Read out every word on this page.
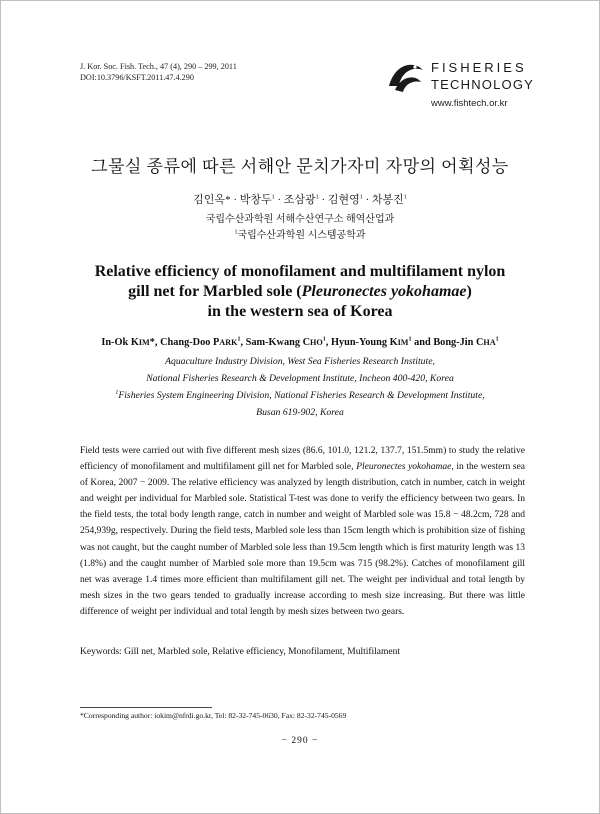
J. Kor. Soc. Fish. Tech., 47 (4), 290 – 299, 2011
DOI:10.3796/KSFT.2011.47.4.290
FISHERIES
TECHNOLOGY
www.fishtech.or.kr
그물실 종류에 따른 서해안 문치가자미 자망의 어획성능
김인옥* · 박창두$^1$ · 조삼광$^1$ · 김현영$^1$ · 차봉진$^1$
국립수산과학원 서해수산연구소 해역산업과
$^1$국립수산과학원 시스템공학과
Relative efficiency of monofilament and multifilament nylon
gill net for Marbled sole (Pleuronectes yokohamae)
in the western sea of Korea
In-Ok KIM*, Chang-Doo PARK$^1$, Sam-Kwang CHO$^1$, Hyun-Young KIM$^1$ and Bong-Jin CHA$^1$
Aquaculture Industry Division, West Sea Fisheries Research Institute,
National Fisheries Research & Development Institute, Incheon 400-420, Korea
$^1$Fisheries System Engineering Division, National Fisheries Research & Development Institute,
Busan 619-902, Korea
Field tests were carried out with five different mesh sizes (86.6, 101.0, 121.2, 137.7, 151.5mm) to study the relative efficiency of monofilament and multifilament gill net for Marbled sole, Pleuronectes yokohamae, in the western sea of Korea, 2007 − 2009. The relative efficiency was analyzed by length distribution, catch in number, catch in weight and weight per individual for Marbled sole. Statistical T-test was done to verify the efficiency between two gears. In the field tests, the total body length range, catch in number and weight of Marbled sole was 15.8 − 48.2cm, 728 and 254,939g, respectively. During the field tests, Marbled sole less than 15cm length which is prohibition size of fishing was not caught, but the caught number of Marbled sole less than 19.5cm length which is first maturity length was 13 (1.8%) and the caught number of Marbled sole more than 19.5cm was 715 (98.2%). Catches of monofilament gill net was average 1.4 times more efficient than multifilament gill net. The weight per individual and total length by mesh sizes in the two gears tended to gradually increase according to mesh size increasing. But there was little difference of weight per individual and total length by mesh sizes between two gears.
Keywords: Gill net, Marbled sole, Relative efficiency, Monofilament, Multifilament
*Corresponding author: iokim@nfrdi.go.kr, Tel: 82-32-745-0630, Fax: 82-32-745-0569
− 290 −
